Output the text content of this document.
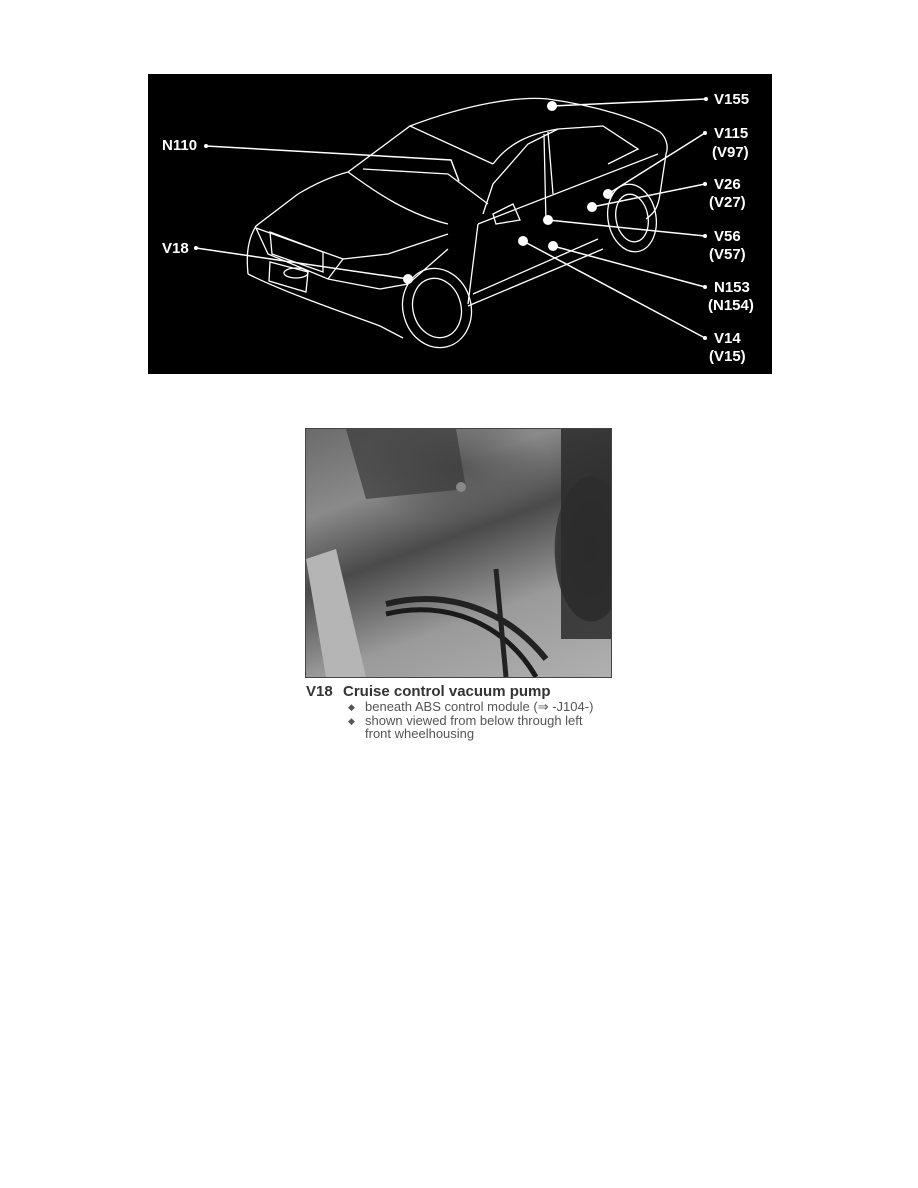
V155
N110
V115
(V97)
V26
(V27)
V18
V56
(V57)
N153
(N154)
V14
(V15)
V18 Cruise control vacuum pump
◆ beneath ABS control module (⇒ -J104-)
◆ shown viewed from below through left front wheelhousing
